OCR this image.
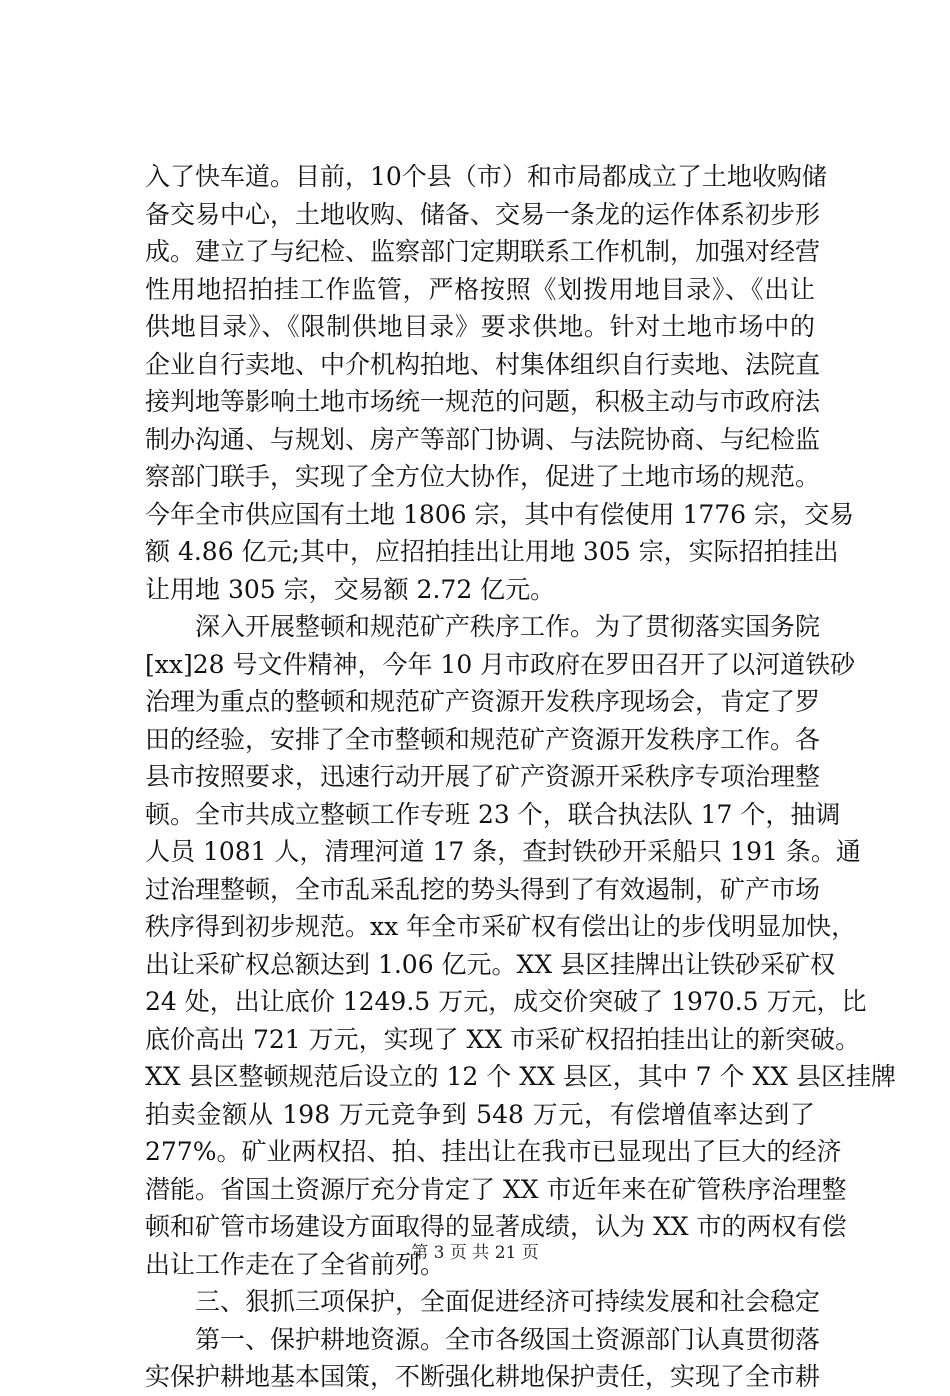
入了快车道。目前，10个县（市）和市局都成立了土地收购储
备交易中心，土地收购、储备、交易一条龙的运作体系初步形
成。建立了与纪检、监察部门定期联系工作机制，加强对经营
性用地招拍挂工作监管，严格按照《划拨用地目录》、《出让
供地目录》、《限制供地目录》要求供地。针对土地市场中的
企业自行卖地、中介机构拍地、村集体组织自行卖地、法院直
接判地等影响土地市场统一规范的问题，积极主动与市政府法
制办沟通、与规划、房产等部门协调、与法院协商、与纪检监
察部门联手，实现了全方位大协作，促进了土地市场的规范。
今年全市供应国有土地 1806 宗，其中有偿使用 1776 宗，交易
额 4.86 亿元;其中，应招拍挂出让用地 305 宗，实际招拍挂出
让用地 305 宗，交易额 2.72 亿元。
深入开展整顿和规范矿产秩序工作。为了贯彻落实国务院
[xx]28 号文件精神，今年 10 月市政府在罗田召开了以河道铁砂
治理为重点的整顿和规范矿产资源开发秩序现场会，肯定了罗
田的经验，安排了全市整顿和规范矿产资源开发秩序工作。各
县市按照要求，迅速行动开展了矿产资源开采秩序专项治理整
顿。全市共成立整顿工作专班 23 个，联合执法队 17 个，抽调
人员 1081 人，清理河道 17 条，查封铁砂开采船只 191 条。通
过治理整顿，全市乱采乱挖的势头得到了有效遏制，矿产市场
秩序得到初步规范。xx 年全市采矿权有偿出让的步伐明显加快，
出让采矿权总额达到 1.06 亿元。XX 县区挂牌出让铁砂采矿权
24 处，出让底价 1249.5 万元，成交价突破了 1970.5 万元，比
底价高出 721 万元，实现了 XX 市采矿权招拍挂出让的新突破。
XX 县区整顿规范后设立的 12 个 XX 县区，其中 7 个 XX 县区挂牌
拍卖金额从 198 万元竞争到 548 万元，有偿增值率达到了
277%。矿业两权招、拍、挂出让在我市已显现出了巨大的经济
潜能。省国土资源厅充分肯定了 XX 市近年来在矿管秩序治理整
顿和矿管市场建设方面取得的显著成绩，认为 XX 市的两权有偿
出让工作走在了全省前列。
三、狠抓三项保护，全面促进经济可持续发展和社会稳定
第一、保护耕地资源。全市各级国土资源部门认真贯彻落
实保护耕地基本国策，不断强化耕地保护责任，实现了全市耕
第 3 页 共 21 页
